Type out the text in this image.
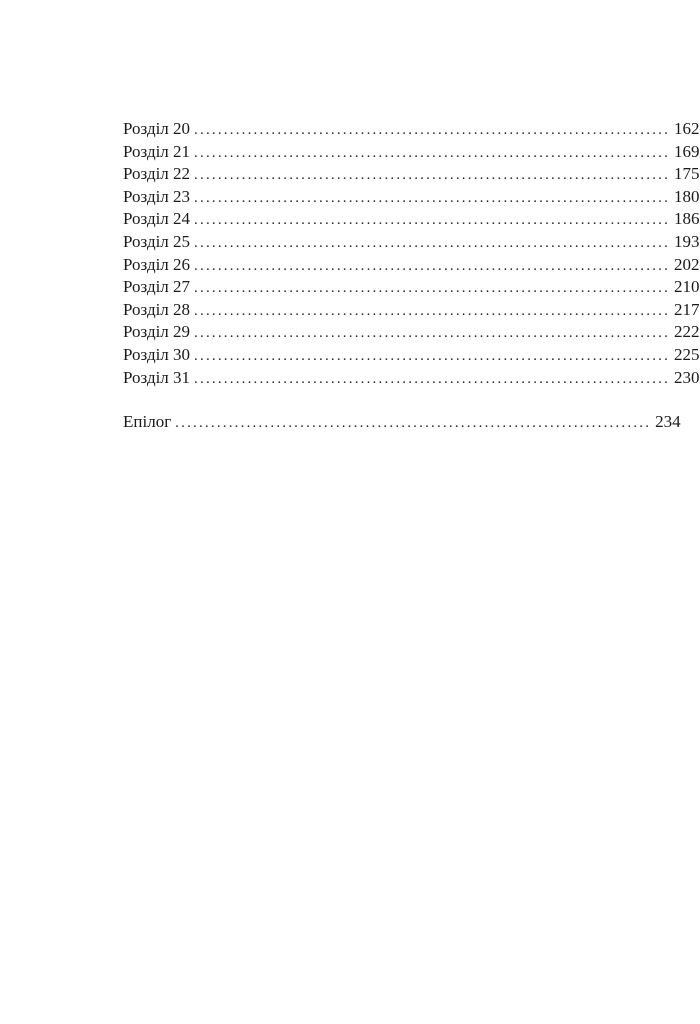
Розділ 20 ................................................................................ 162
Розділ 21 ................................................................................ 169
Розділ 22 ................................................................................ 175
Розділ 23 ................................................................................ 180
Розділ 24 ................................................................................ 186
Розділ 25 ................................................................................ 193
Розділ 26 ................................................................................ 202
Розділ 27 ................................................................................ 210
Розділ 28 ................................................................................ 217
Розділ 29 ................................................................................ 222
Розділ 30 ................................................................................ 225
Розділ 31 ................................................................................ 230
Епілог ................................................................................ 234
